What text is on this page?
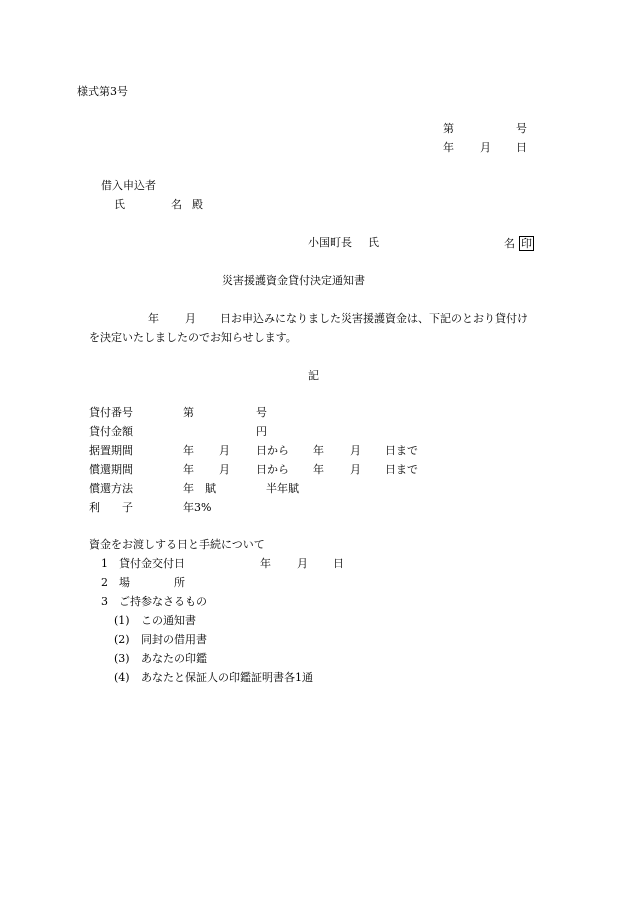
様式第3号
第	号
年 月 日
借入申込者
氏	名 殿
小国町長 氏	名 印
災害援護資金貸付決定通知書
年 月 日お申込みになりました災害援護資金は、下記のとおり貸付け
を決定いたしましたのでお知らせします。
記
貸付番号	第	号
貸付金額	円
据置期間	年 月 日から 年 月 日まで
償還期間	年 月 日から 年 月 日まで
償還方法	年　賦	半年賦
利　　子	年3%
資金をお渡しする日と手続について
1 貸付金交付日	年 月 日
2 場　　　　所
3 ご持参なさるもの
(1) この通知書
(2) 同封の借用書
(3) あなたの印鑑
(4) あなたと保証人の印鑑証明書各1通
